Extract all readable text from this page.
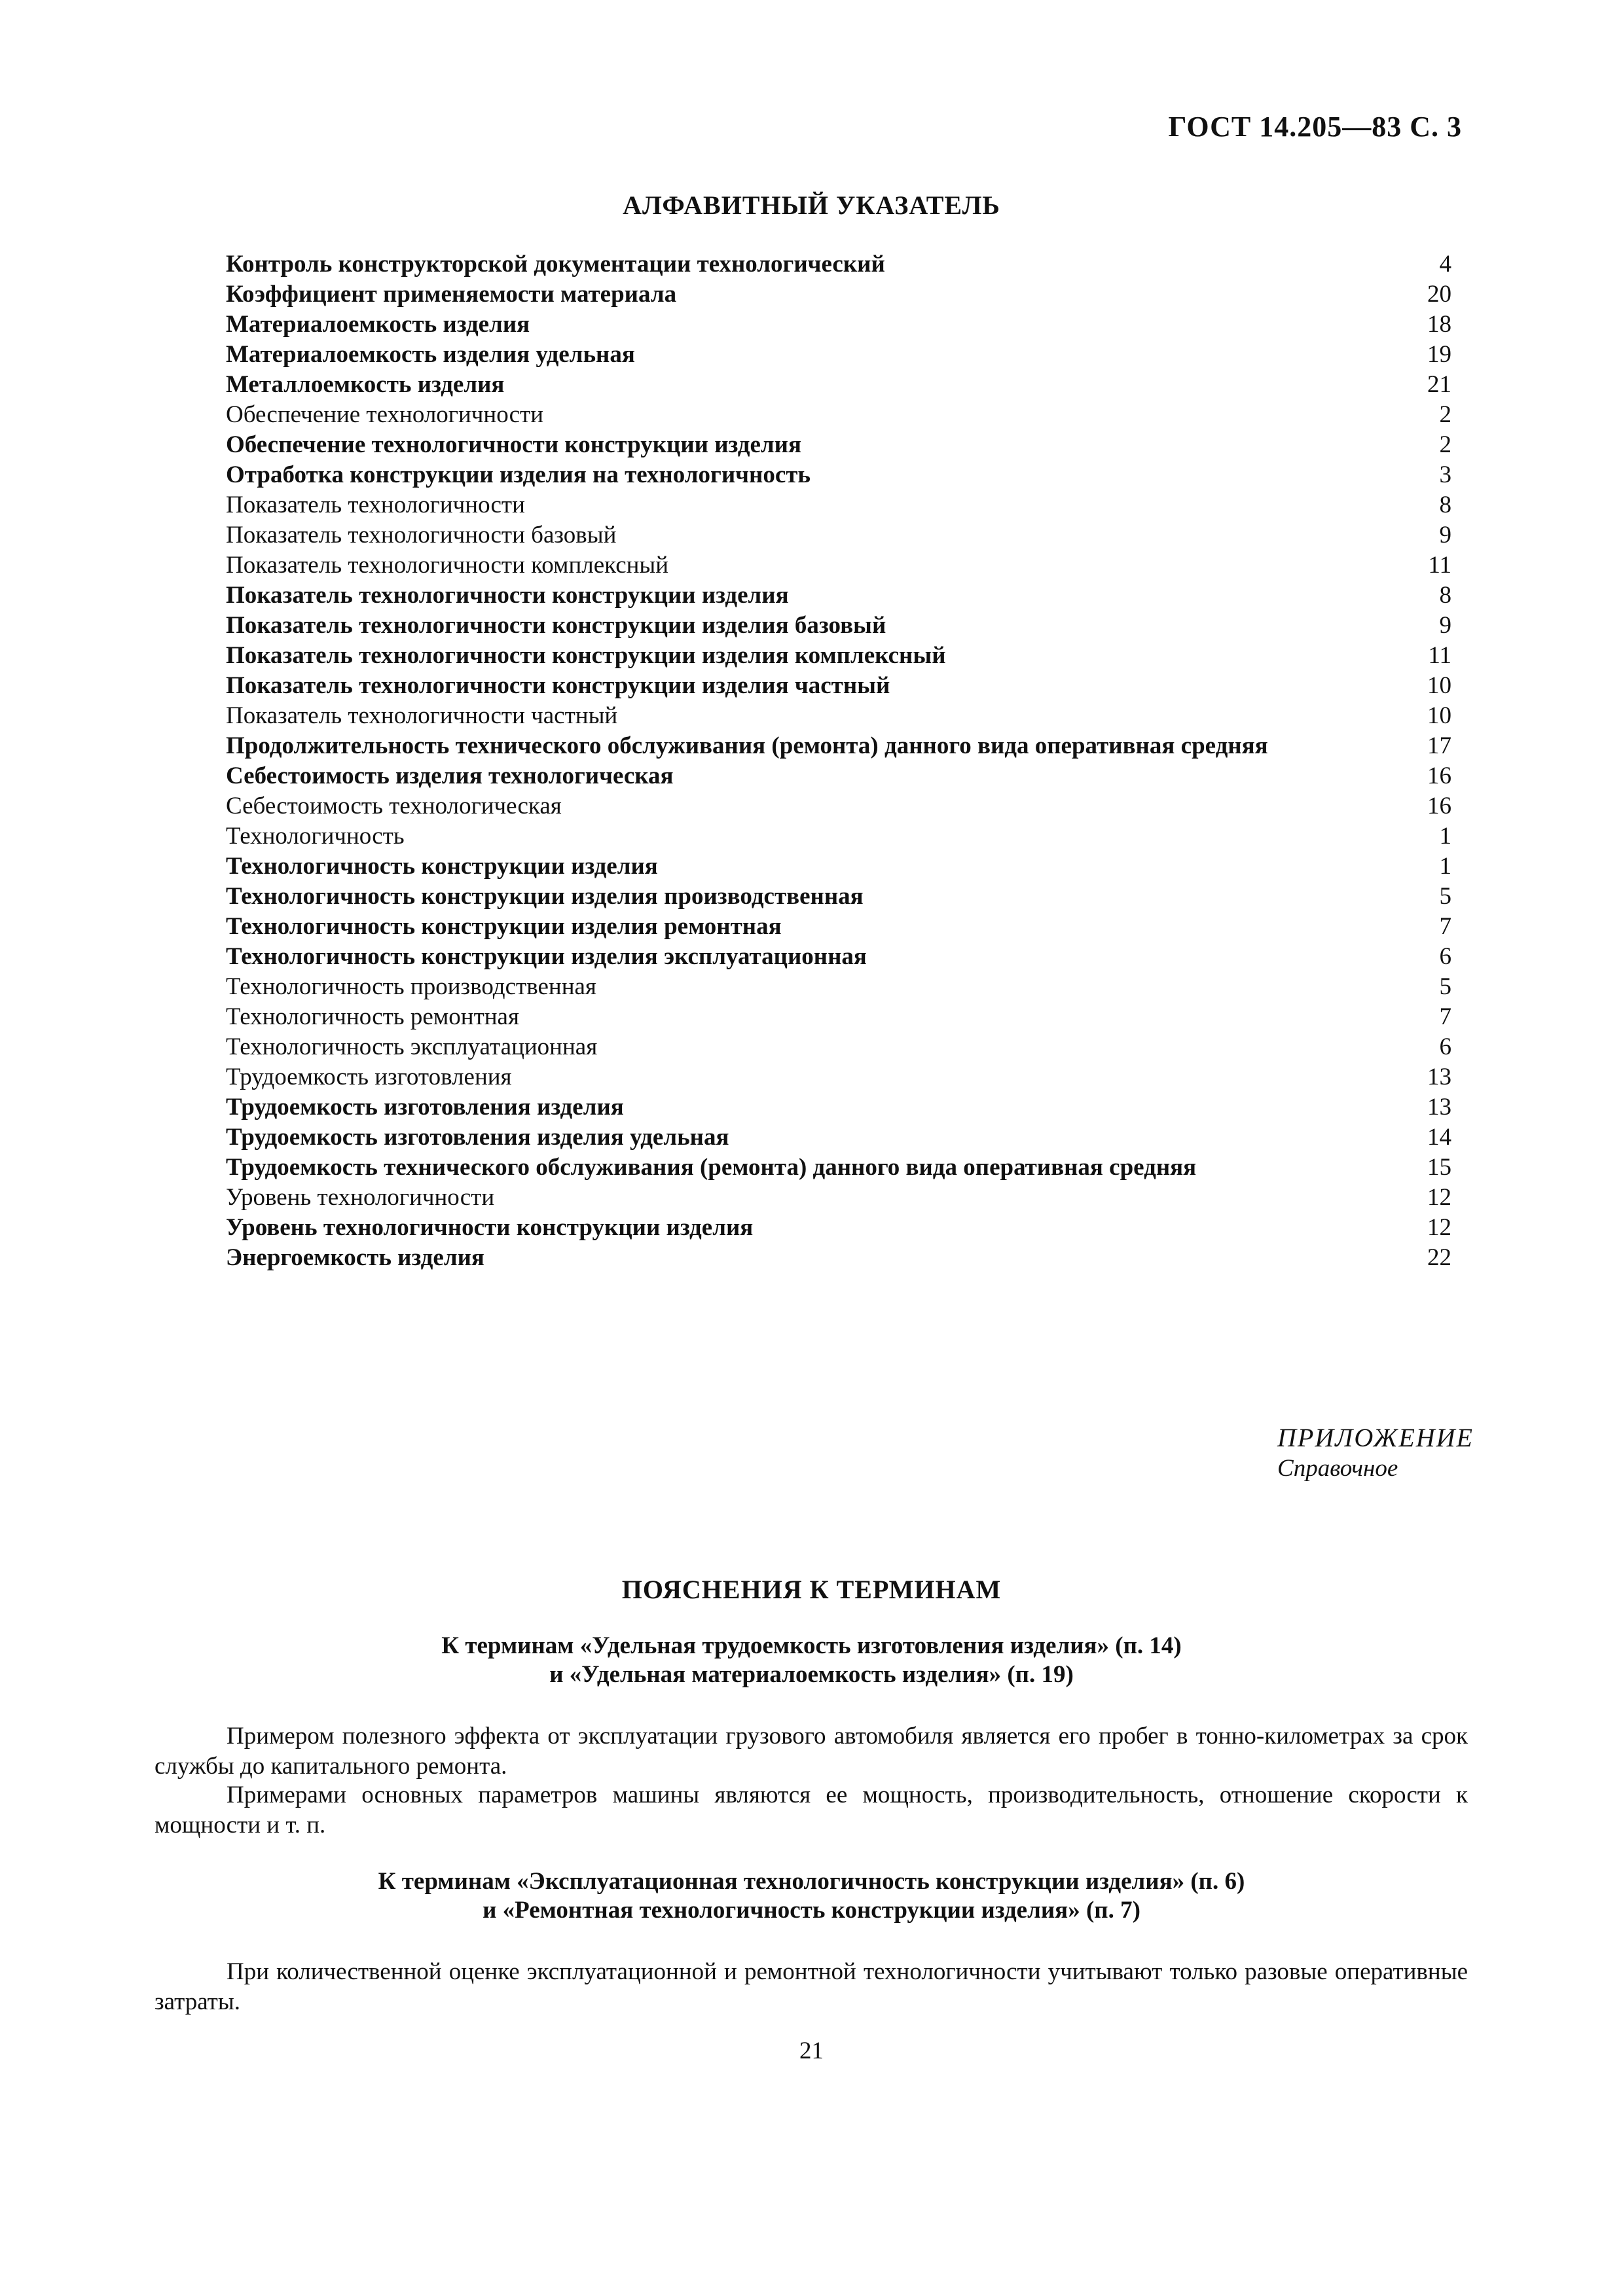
ГОСТ 14.205—83 С. 3
АЛФАВИТНЫЙ УКАЗАТЕЛЬ
Контроль конструкторской документации технологический	4
Коэффициент применяемости материала	20
Материалоемкость изделия	18
Материалоемкость изделия удельная	19
Металлоемкость изделия	21
Обеспечение технологичности	2
Обеспечение технологичности конструкции изделия	2
Отработка конструкции изделия на технологичность	3
Показатель технологичности	8
Показатель технологичности базовый	9
Показатель технологичности комплексный	11
Показатель технологичности конструкции изделия	8
Показатель технологичности конструкции изделия базовый	9
Показатель технологичности конструкции изделия комплексный	11
Показатель технологичности конструкции изделия частный	10
Показатель технологичности частный	10
Продолжительность технического обслуживания (ремонта) данного вида оперативная средняя	17
Себестоимость изделия технологическая	16
Себестоимость технологическая	16
Технологичность	1
Технологичность конструкции изделия	1
Технологичность конструкции изделия производственная	5
Технологичность конструкции изделия ремонтная	7
Технологичность конструкции изделия эксплуатационная	6
Технологичность производственная	5
Технологичность ремонтная	7
Технологичность эксплуатационная	6
Трудоемкость изготовления	13
Трудоемкость изготовления изделия	13
Трудоемкость изготовления изделия удельная	14
Трудоемкость технического обслуживания (ремонта) данного вида оперативная средняя	15
Уровень технологичности	12
Уровень технологичности конструкции изделия	12
Энергоемкость изделия	22
ПРИЛОЖЕНИЕ
Справочное
ПОЯСНЕНИЯ К ТЕРМИНАМ
К терминам «Удельная трудоемкость изготовления изделия» (п. 14)
и «Удельная материалоемкость изделия» (п. 19)
Примером полезного эффекта от эксплуатации грузового автомобиля является его пробег в тонно-километрах за срок службы до капитального ремонта.
Примерами основных параметров машины являются ее мощность, производительность, отношение скорости к мощности и т. п.
К терминам «Эксплуатационная технологичность конструкции изделия» (п. 6)
и «Ремонтная технологичность конструкции изделия» (п. 7)
При количественной оценке эксплуатационной и ремонтной технологичности учитывают только разовые оперативные затраты.
21
